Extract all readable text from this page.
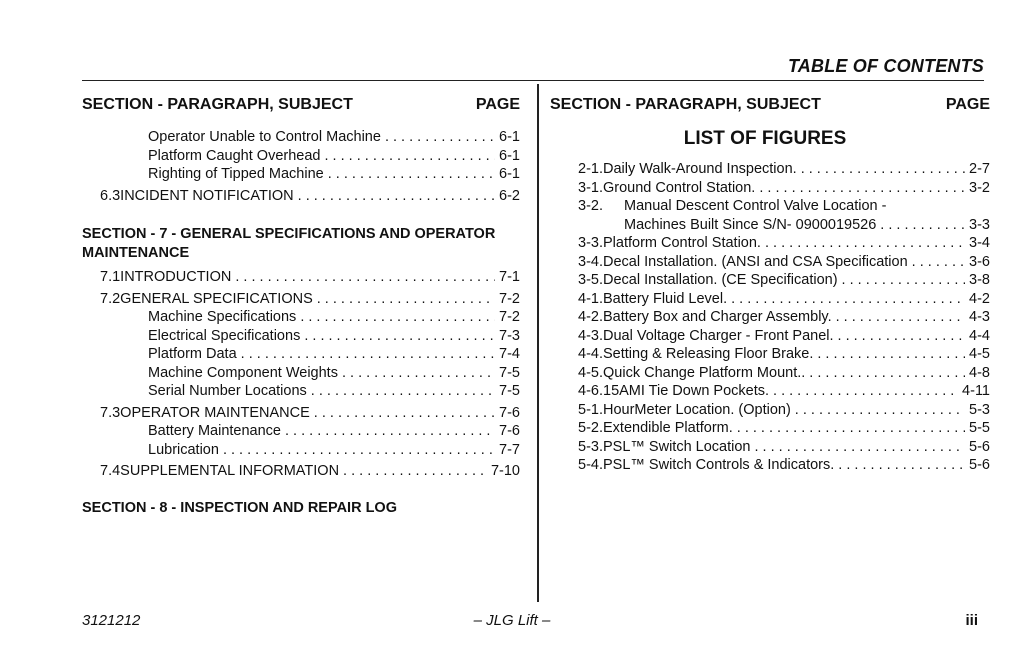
TABLE OF CONTENTS
SECTION - PARAGRAPH, SUBJECT	PAGE
Operator Unable to Control Machine . . .	6-1
Platform Caught Overhead . . .	6-1
Righting of Tipped Machine . . .	6-1
6.3 INCIDENT NOTIFICATION . . .	6-2
SECTION - 7 - GENERAL SPECIFICATIONS AND OPERATOR MAINTENANCE
7.1 INTRODUCTION . . .	7-1
7.2 GENERAL SPECIFICATIONS . . .	7-2
Machine Specifications . . .	7-2
Electrical Specifications . . .	7-3
Platform Data . . .	7-4
Machine Component Weights . . .	7-5
Serial Number Locations . . .	7-5
7.3 OPERATOR MAINTENANCE . . .	7-6
Battery Maintenance . . .	7-6
Lubrication . . .	7-7
7.4 SUPPLEMENTAL INFORMATION . . .	7-10
SECTION - 8 - INSPECTION AND REPAIR LOG
SECTION - PARAGRAPH, SUBJECT	PAGE
LIST OF FIGURES
2-1. Daily Walk-Around Inspection. . . .	2-7
3-1. Ground Control Station. . . .	3-2
3-2.	Manual Descent Control Valve Location -
Machines Built Since S/N- 0900019526 . . .	3-3
3-3. Platform Control Station. . . .	3-4
3-4. Decal Installation. (ANSI and CSA Specification . . .	3-6
3-5. Decal Installation. (CE Specification) . . .	3-8
4-1. Battery Fluid Level. . . .	4-2
4-2. Battery Box and Charger Assembly. . . .	4-3
4-3. Dual Voltage Charger - Front Panel. . . .	4-4
4-4. Setting & Releasing Floor Brake. . . .	4-5
4-5. Quick Change Platform Mount.. . . .	4-8
4-6. 15AMI Tie Down Pockets. . . .	4-11
5-1. HourMeter Location. (Option) . . .	5-3
5-2. Extendible Platform. . . .	5-5
5-3. PSL™ Switch Location . . .	5-6
5-4. PSL™ Switch Controls & Indicators. . . .	5-6
3121212	– JLG Lift –	iii
